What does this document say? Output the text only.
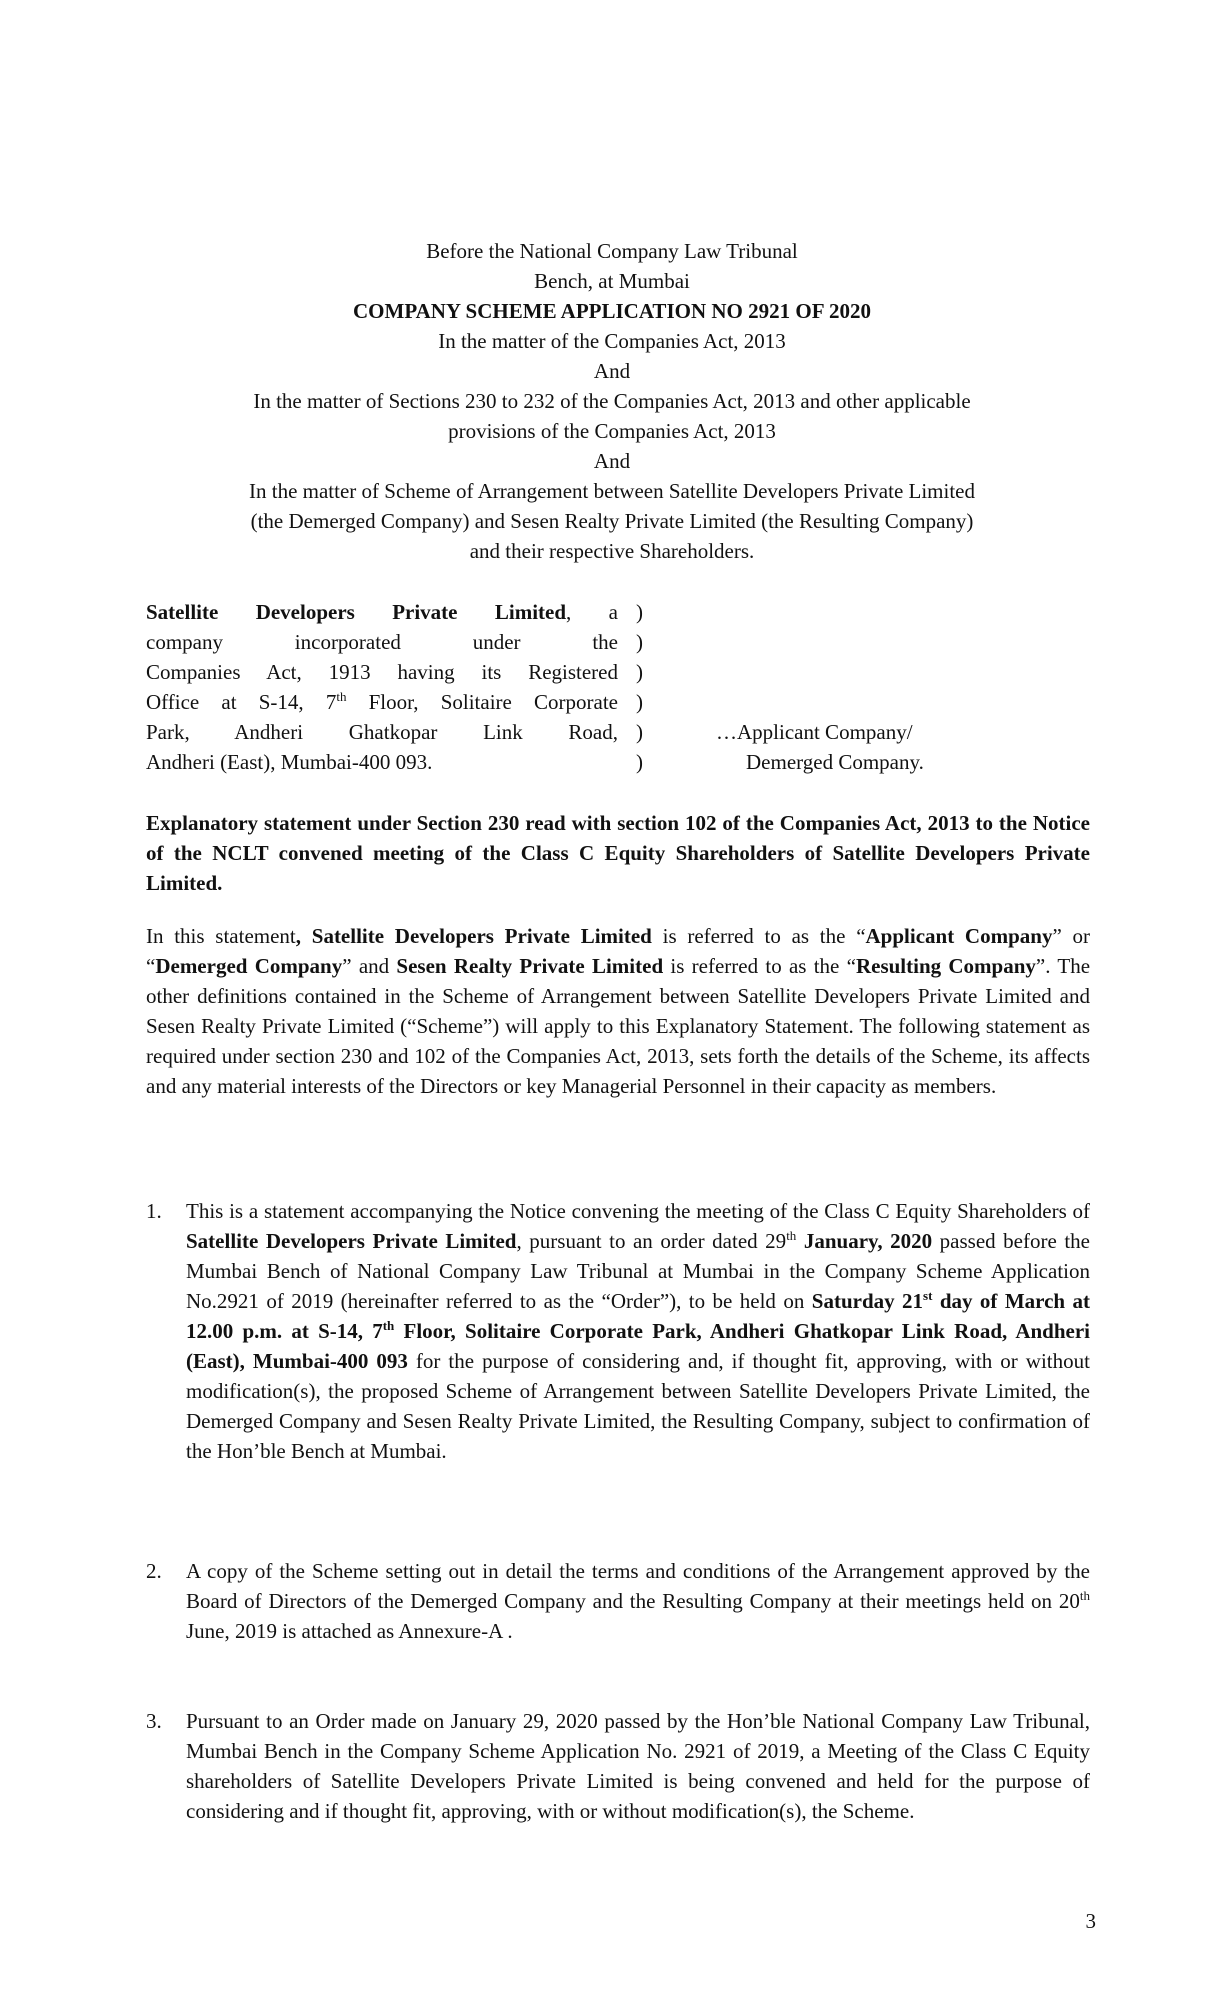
Before the National Company Law Tribunal
Bench, at Mumbai
COMPANY SCHEME APPLICATION NO 2921 OF 2020
In the matter of the Companies Act, 2013
And
In the matter of Sections 230 to 232 of the Companies Act, 2013 and other applicable
provisions of the Companies Act, 2013
And
In the matter of Scheme of Arrangement between Satellite Developers Private Limited
(the Demerged Company) and Sesen Realty Private Limited (the Resulting Company)
and their respective Shareholders.
Satellite Developers Private Limited, a )
company incorporated under the )
Companies Act, 1913 having its Registered )
Office at S-14, 7th Floor, Solitaire Corporate )
Park, Andheri Ghatkopar Link Road, )	…Applicant Company/
Andheri (East), Mumbai-400 093.	)	Demerged Company.
Explanatory statement under Section 230 read with section 102 of the Companies Act, 2013 to the Notice of the NCLT convened meeting of the Class C Equity Shareholders of Satellite Developers Private Limited.
In this statement, Satellite Developers Private Limited is referred to as the “Applicant Company” or “Demerged Company” and Sesen Realty Private Limited is referred to as the “Resulting Company”. The other definitions contained in the Scheme of Arrangement between Satellite Developers Private Limited and Sesen Realty Private Limited (“Scheme”) will apply to this Explanatory Statement. The following statement as required under section 230 and 102 of the Companies Act, 2013, sets forth the details of the Scheme, its affects and any material interests of the Directors or key Managerial Personnel in their capacity as members.
1.	This is a statement accompanying the Notice convening the meeting of the Class C Equity Shareholders of Satellite Developers Private Limited, pursuant to an order dated 29th January, 2020 passed before the Mumbai Bench of National Company Law Tribunal at Mumbai in the Company Scheme Application No.2921 of 2019 (hereinafter referred to as the “Order”), to be held on Saturday 21st day of March at 12.00 p.m. at S-14, 7th Floor, Solitaire Corporate Park, Andheri Ghatkopar Link Road, Andheri (East), Mumbai-400 093 for the purpose of considering and, if thought fit, approving, with or without modification(s), the proposed Scheme of Arrangement between Satellite Developers Private Limited, the Demerged Company and Sesen Realty Private Limited, the Resulting Company, subject to confirmation of the Hon’ble Bench at Mumbai.
2.	A copy of the Scheme setting out in detail the terms and conditions of the Arrangement approved by the Board of Directors of the Demerged Company and the Resulting Company at their meetings held on 20th June, 2019 is attached as Annexure-A .
3.	Pursuant to an Order made on January 29, 2020 passed by the Hon’ble National Company Law Tribunal, Mumbai Bench in the Company Scheme Application No. 2921 of 2019, a Meeting of the Class C Equity shareholders of Satellite Developers Private Limited is being convened and held for the purpose of considering and if thought fit, approving, with or without modification(s), the Scheme.
3
